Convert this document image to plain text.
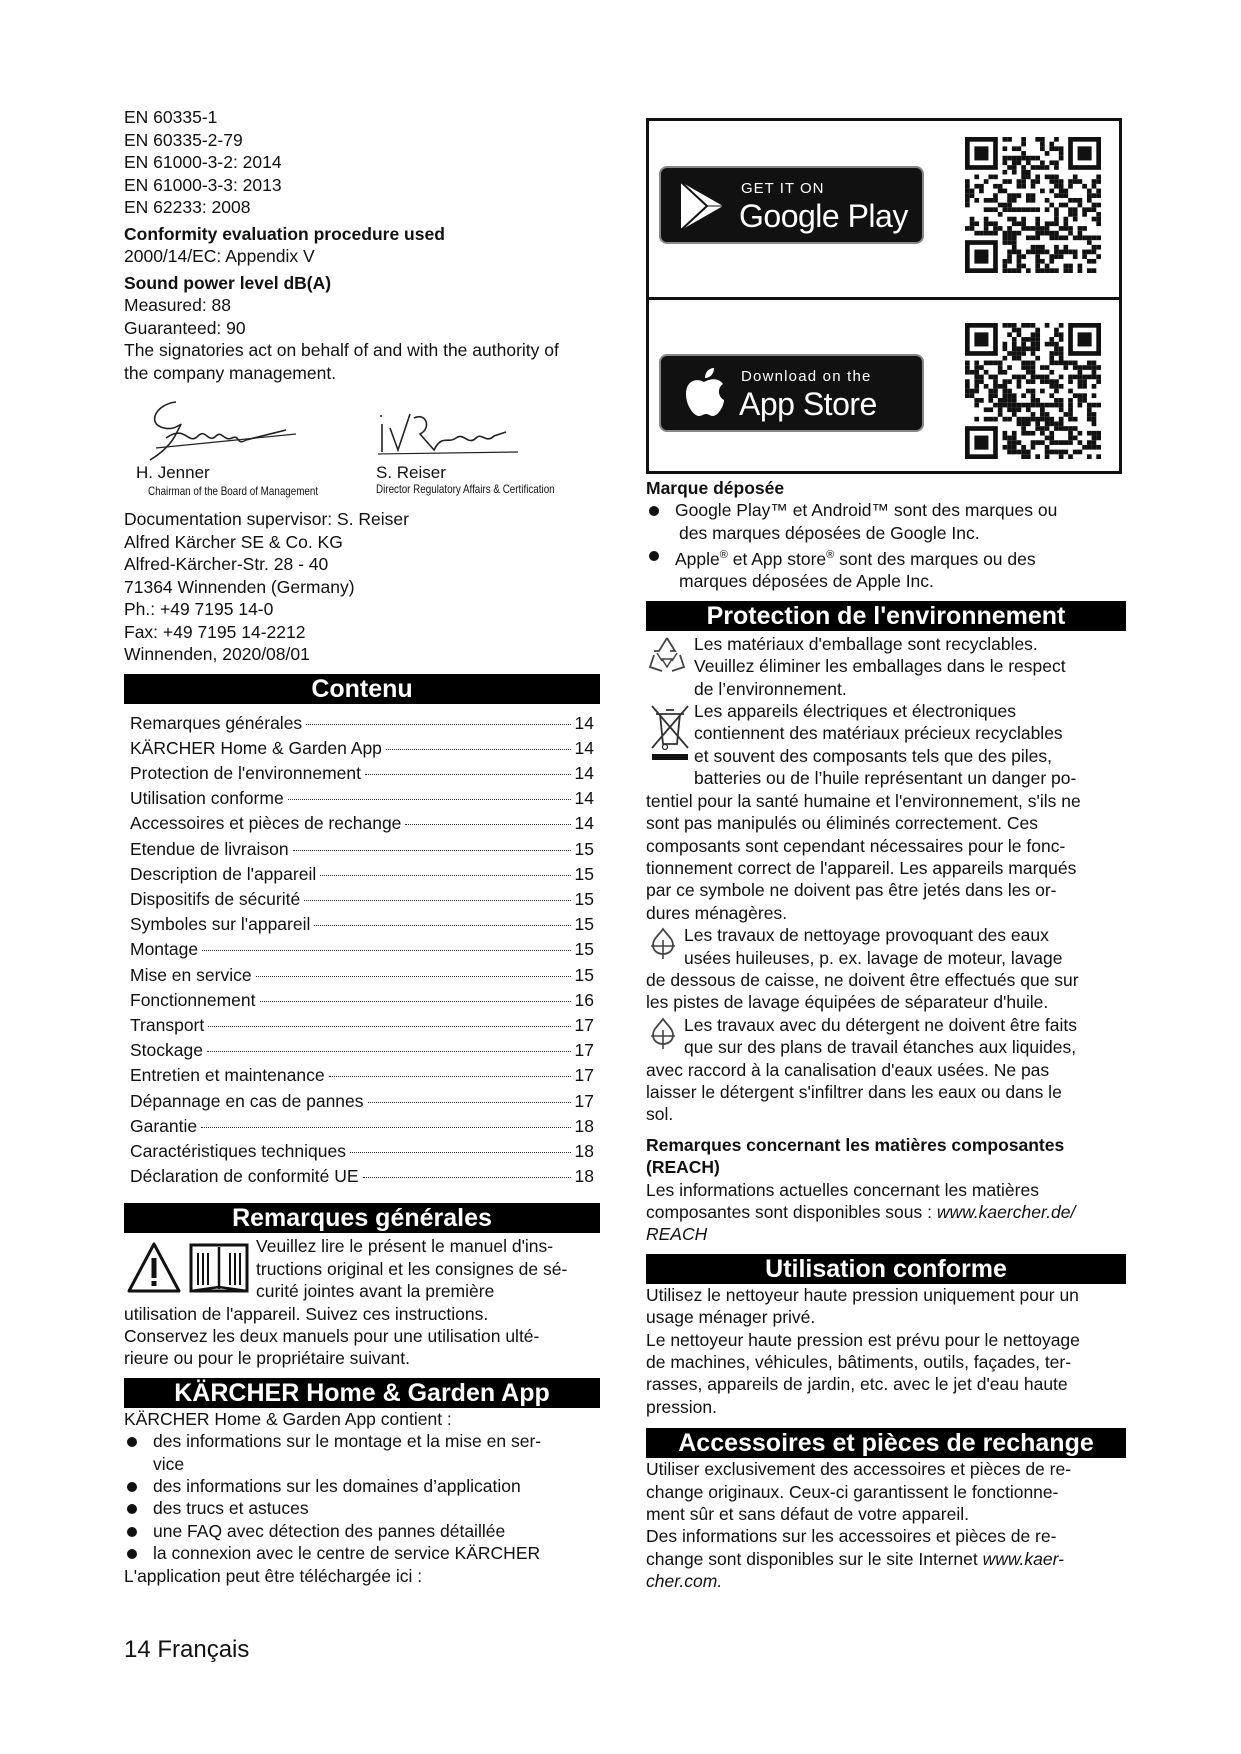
EN 60335-1
EN 60335-2-79
EN 61000-3-2: 2014
EN 61000-3-3: 2013
EN 62233: 2008
Conformity evaluation procedure used
2000/14/EC: Appendix V
Sound power level dB(A)
Measured: 88
Guaranteed: 90
The signatories act on behalf of and with the authority of
the company management.
H. Jenner
Chairman of the Board of Management
S. Reiser
Director Regulatory Affairs & Certification
Documentation supervisor: S. Reiser
Alfred Kärcher SE & Co. KG
Alfred-Kärcher-Str. 28 - 40
71364 Winnenden (Germany)
Ph.: +49 7195 14-0
Fax: +49 7195 14-2212
Winnenden, 2020/08/01
Contenu
Remarques générales	14
KÄRCHER Home & Garden App	14
Protection de l'environnement	14
Utilisation conforme	14
Accessoires et pièces de rechange	14
Etendue de livraison	15
Description de l'appareil	15
Dispositifs de sécurité	15
Symboles sur l'appareil	15
Montage	15
Mise en service	15
Fonctionnement	16
Transport	17
Stockage	17
Entretien et maintenance	17
Dépannage en cas de pannes	17
Garantie	18
Caractéristiques techniques	18
Déclaration de conformité UE	18
Remarques générales
Veuillez lire le présent le manuel d'ins-
tructions original et les consignes de sé-
curité jointes avant la première
utilisation de l'appareil. Suivez ces instructions.
Conservez les deux manuels pour une utilisation ulté-
rieure ou pour le propriétaire suivant.
KÄRCHER Home & Garden App
KÄRCHER Home & Garden App contient :
des informations sur le montage et la mise en ser-
vice
des informations sur les domaines d’application
des trucs et astuces
une FAQ avec détection des pannes détaillée
la connexion avec le centre de service KÄRCHER
L'application peut être téléchargée ici :
GET IT ON
Google Play
Download on the
App Store
Marque déposée
Google Play™ et Android™ sont des marques ou
des marques déposées de Google Inc.
Apple® et App store® sont des marques ou des
marques déposées de Apple Inc.
Protection de l'environnement
Les matériaux d'emballage sont recyclables.
Veuillez éliminer les emballages dans le respect
de l’environnement.
Les appareils électriques et électroniques
contiennent des matériaux précieux recyclables
et souvent des composants tels que des piles,
batteries ou de l’huile représentant un danger po-
tentiel pour la santé humaine et l'environnement, s'ils ne
sont pas manipulés ou éliminés correctement. Ces
composants sont cependant nécessaires pour le fonc-
tionnement correct de l'appareil. Les appareils marqués
par ce symbole ne doivent pas être jetés dans les or-
dures ménagères.
Les travaux de nettoyage provoquant des eaux
usées huileuses, p. ex. lavage de moteur, lavage
de dessous de caisse, ne doivent être effectués que sur
les pistes de lavage équipées de séparateur d'huile.
Les travaux avec du détergent ne doivent être faits
que sur des plans de travail étanches aux liquides,
avec raccord à la canalisation d'eaux usées. Ne pas
laisser le détergent s'infiltrer dans les eaux ou dans le
sol.
Remarques concernant les matières composantes
(REACH)
Les informations actuelles concernant les matières
composantes sont disponibles sous : www.kaercher.de/
REACH
Utilisation conforme
Utilisez le nettoyeur haute pression uniquement pour un
usage ménager privé.
Le nettoyeur haute pression est prévu pour le nettoyage
de machines, véhicules, bâtiments, outils, façades, ter-
rasses, appareils de jardin, etc. avec le jet d'eau haute
pression.
Accessoires et pièces de rechange
Utiliser exclusivement des accessoires et pièces de re-
change originaux. Ceux-ci garantissent le fonctionne-
ment sûr et sans défaut de votre appareil.
Des informations sur les accessoires et pièces de re-
change sont disponibles sur le site Internet www.kaer-
cher.com.
14 Français
